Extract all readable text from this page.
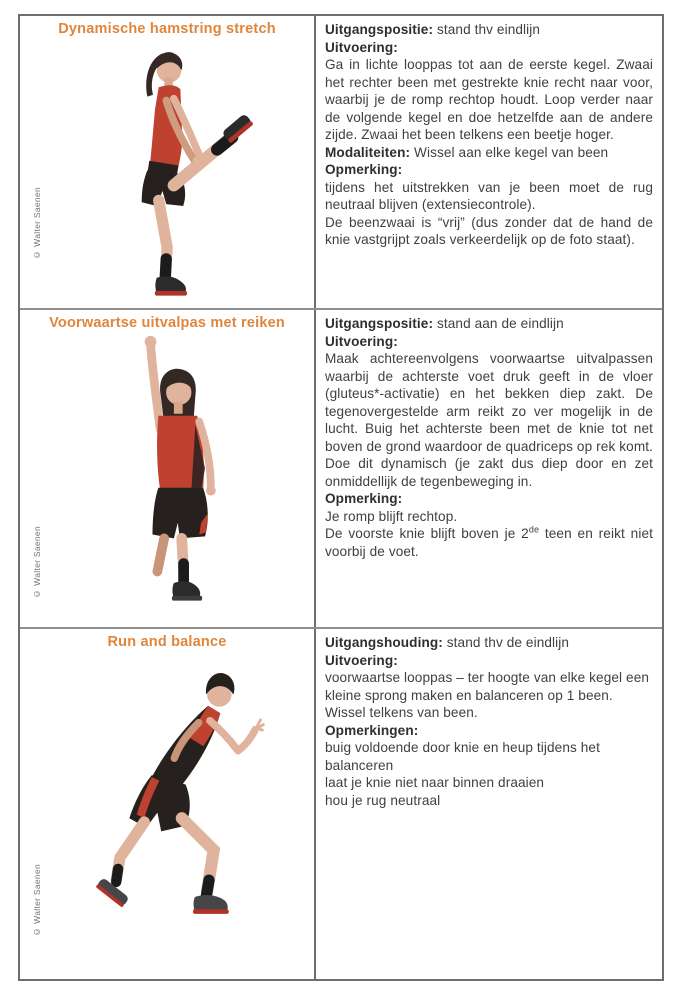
Dynamische hamstring stretch
© Walter Saenen

Uitgangspositie: stand thv eindlijn

Uitvoering:

Ga in lichte looppas tot aan de eerste kegel. Zwaai het rechter been met gestrekte knie recht naar voor, waarbij je de romp rechtop houdt. Loop verder naar de volgende kegel en doe hetzelfde aan de andere zijde. Zwaai het been telkens een beetje hoger.

Modaliteiten: Wissel aan elke kegel van been

Opmerking:

tijdens het uitstrekken van je been moet de rug neutraal blijven (extensiecontrole).

De beenzwaai is “vrij” (dus zonder dat de hand de knie vastgrijpt zoals verkeerdelijk op de foto staat).

Voorwaartse uitvalpas met reiken
© Walter Saenen

Uitgangspositie: stand aan de eindlijn

Uitvoering:

Maak achtereenvolgens voorwaartse uitvalpassen waarbij de achterste voet druk geeft in de vloer (gluteus*-activatie) en het bekken diep zakt. De tegenovergestelde arm reikt zo ver mogelijk in de lucht. Buig het achterste been met de knie tot net boven de grond waardoor de quadriceps op rek komt. Doe dit dynamisch (je zakt dus diep door en zet onmiddellijk de tegenbeweging in.

Opmerking:

Je romp blijft rechtop.

De voorste knie blijft boven je 2de teen en reikt niet voorbij de voet.

Run and balance
© Walter Saenen

Uitgangshouding: stand thv de eindlijn

Uitvoering:

voorwaartse looppas – ter hoogte van elke kegel een kleine sprong maken en balanceren op 1 been. Wissel telkens van been.

Opmerkingen:

buig voldoende door knie en heup tijdens het balanceren

laat je knie niet naar binnen draaien

hou je rug neutraal
